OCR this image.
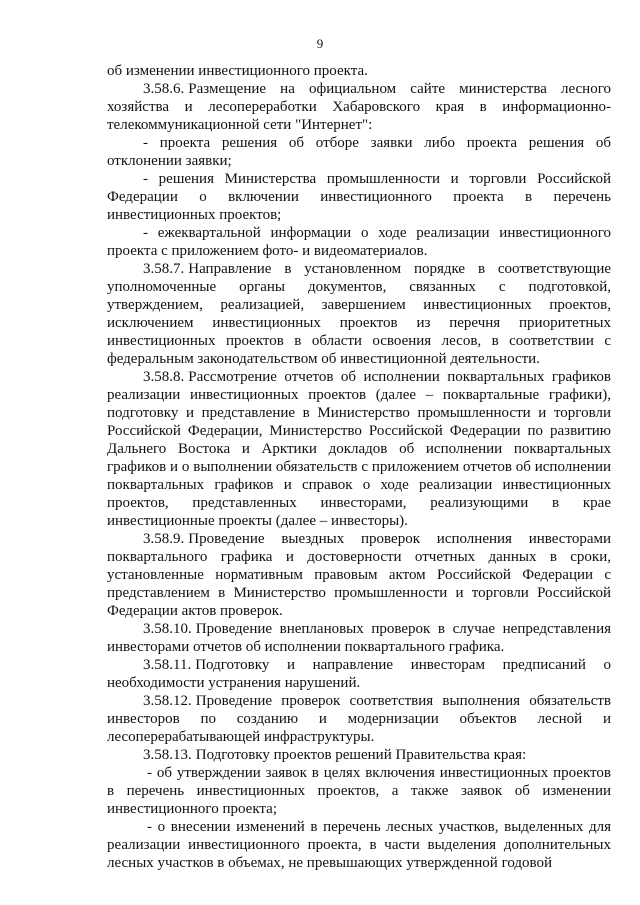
9

об изменении инвестиционного проекта.

3.58.6. Размещение на официальном сайте министерства лесного хозяйства и лесопереработки Хабаровского края в информационно-телекоммуникационной сети "Интернет":

- проекта решения об отборе заявки либо проекта решения об отклонении заявки;

- решения Министерства промышленности и торговли Российской Федерации о включении инвестиционного проекта в перечень инвестиционных проектов;

- ежеквартальной информации о ходе реализации инвестиционного проекта с приложением фото- и видеоматериалов.

3.58.7. Направление в установленном порядке в соответствующие уполномоченные органы документов, связанных с подготовкой, утверждением, реализацией, завершением инвестиционных проектов, исключением инвестиционных проектов из перечня приоритетных инвестиционных проектов в области освоения лесов, в соответствии с федеральным законодательством об инвестиционной деятельности.

3.58.8. Рассмотрение отчетов об исполнении поквартальных графиков реализации инвестиционных проектов (далее – поквартальные графики), подготовку и представление в Министерство промышленности и торговли Российской Федерации, Министерство Российской Федерации по развитию Дальнего Востока и Арктики докладов об исполнении поквартальных графиков и о выполнении обязательств с приложением отчетов об исполнении поквартальных графиков и справок о ходе реализации инвестиционных проектов, представленных инвесторами, реализующими в крае инвестиционные проекты (далее – инвесторы).

3.58.9. Проведение выездных проверок исполнения инвесторами поквартального графика и достоверности отчетных данных в сроки, установленные нормативным правовым актом Российской Федерации с представлением в Министерство промышленности и торговли Российской Федерации актов проверок.

3.58.10. Проведение внеплановых проверок в случае непредставления инвесторами отчетов об исполнении поквартального графика.

3.58.11. Подготовку и направление инвесторам предписаний о необходимости устранения нарушений.

3.58.12. Проведение проверок соответствия выполнения обязательств инвесторов по созданию и модернизации объектов лесной и лесоперерабатывающей инфраструктуры.

3.58.13. Подготовку проектов решений Правительства края:

- об утверждении заявок в целях включения инвестиционных проектов в перечень инвестиционных проектов, а также заявок об изменении инвестиционного проекта;

- о внесении изменений в перечень лесных участков, выделенных для реализации инвестиционного проекта, в части выделения дополнительных лесных участков в объемах, не превышающих утвержденной годовой
